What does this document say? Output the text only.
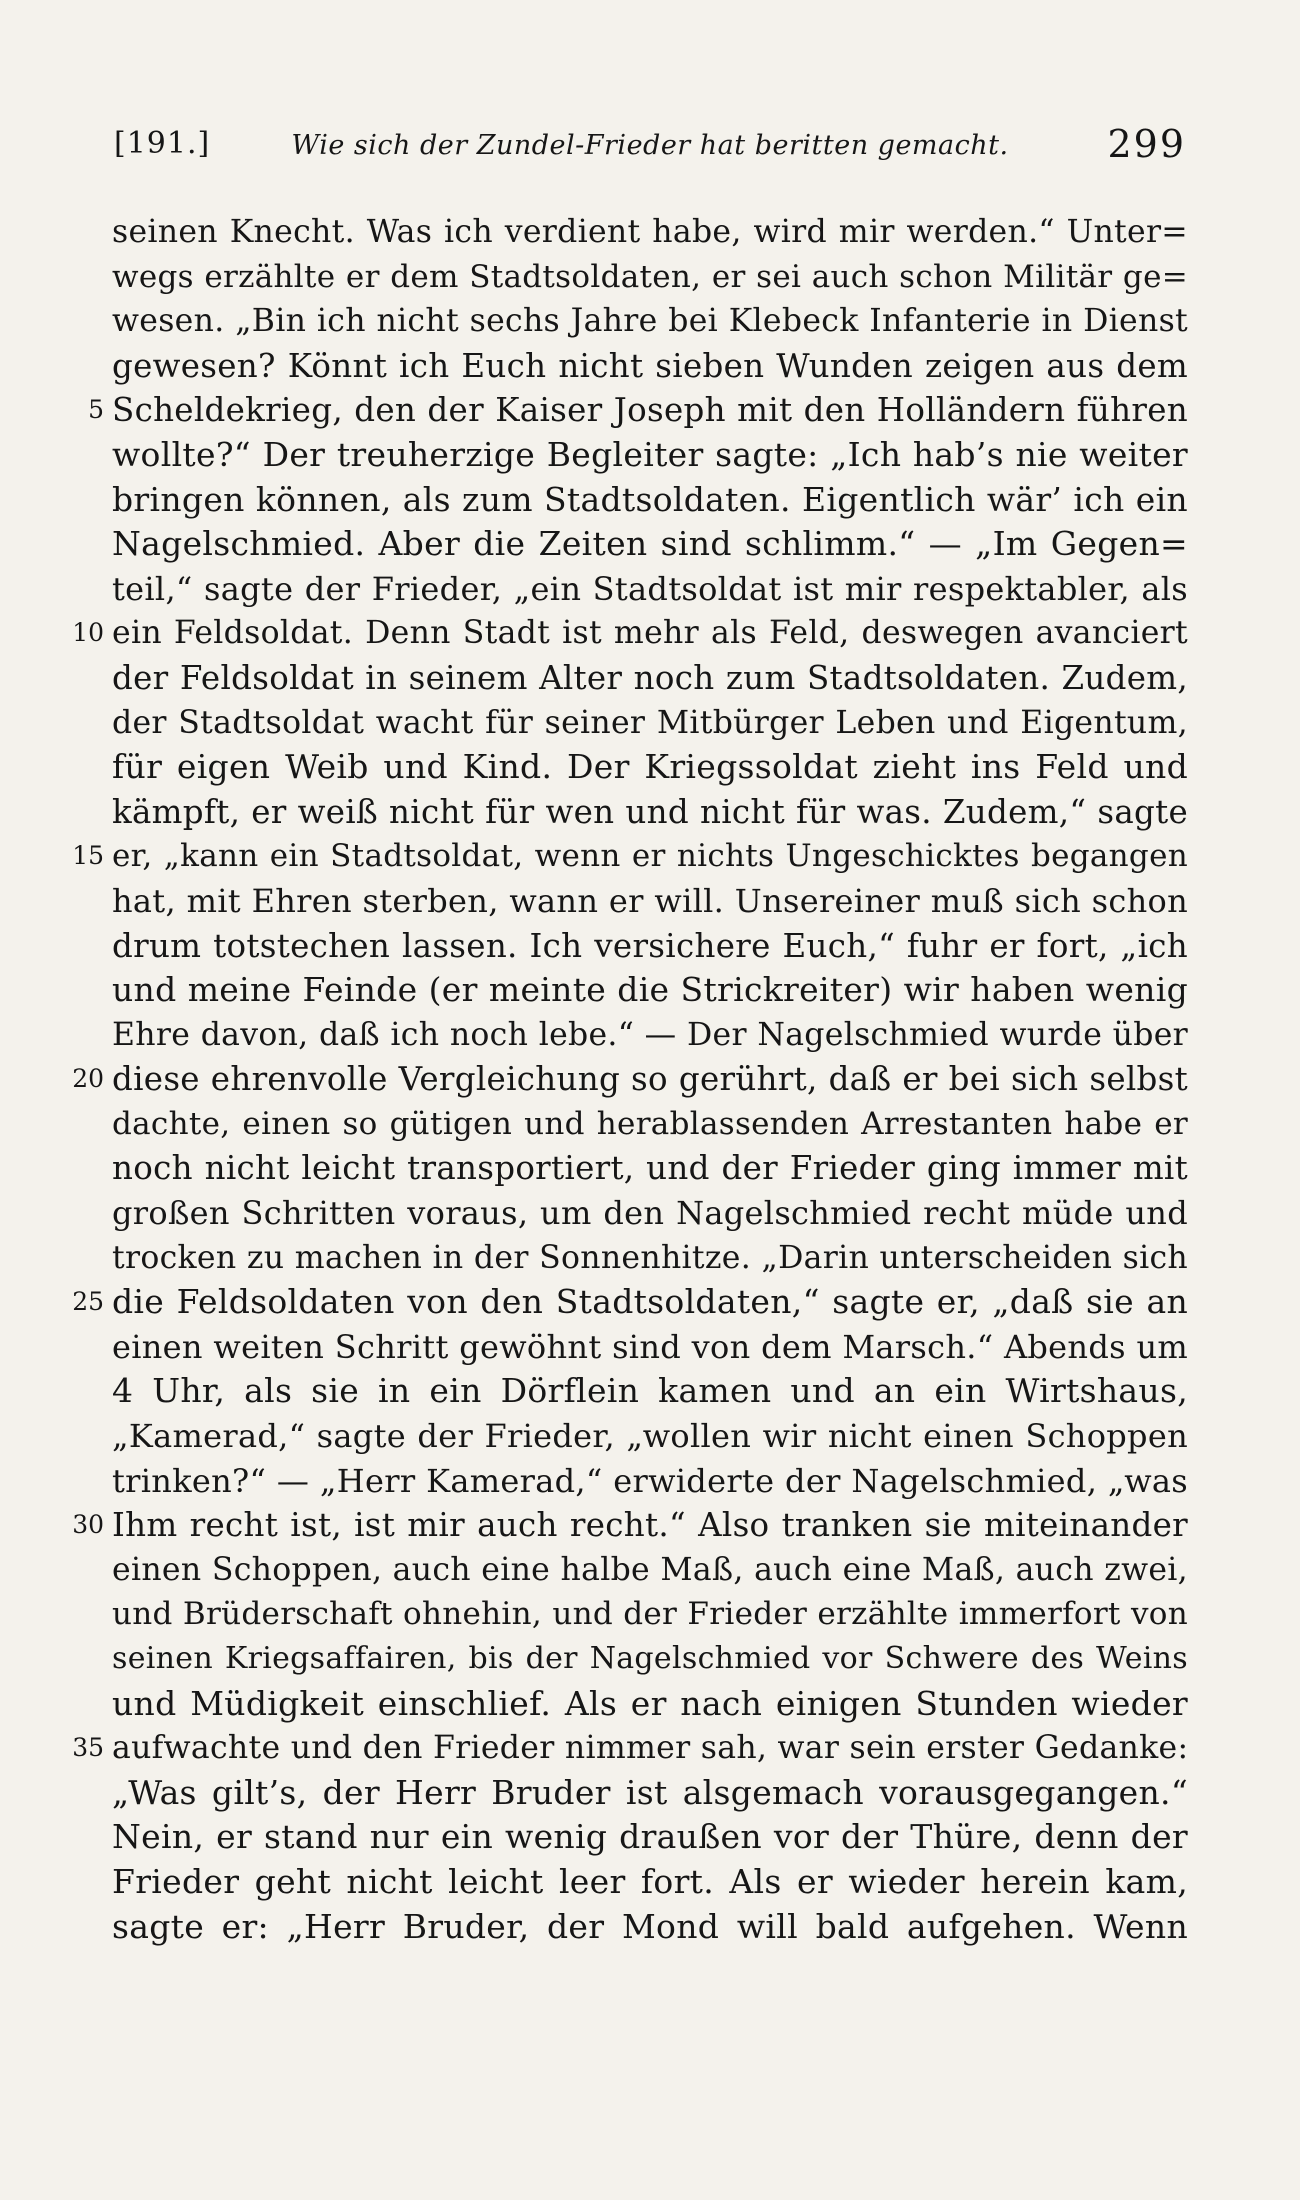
[191.]	Wie sich der Zundel-Frieder hat beritten gemacht.	299
seinen Knecht. Was ich verdient habe, wird mir werden.“ Unter=
wegs erzählte er dem Stadtsoldaten, er sei auch schon Militär ge=
wesen. „Bin ich nicht sechs Jahre bei Klebeck Infanterie in Dienst
gewesen? Könnt ich Euch nicht sieben Wunden zeigen aus dem
5 Scheldekrieg, den der Kaiser Joseph mit den Holländern führen
wollte?“ Der treuherzige Begleiter sagte: „Ich hab’s nie weiter
bringen können, als zum Stadtsoldaten. Eigentlich wär’ ich ein
Nagelschmied. Aber die Zeiten sind schlimm.“ — „Im Gegen=
teil,“ sagte der Frieder, „ein Stadtsoldat ist mir respektabler, als
10 ein Feldsoldat. Denn Stadt ist mehr als Feld, deswegen avanciert
der Feldsoldat in seinem Alter noch zum Stadtsoldaten. Zudem,
der Stadtsoldat wacht für seiner Mitbürger Leben und Eigentum,
für eigen Weib und Kind. Der Kriegssoldat zieht ins Feld und
kämpft, er weiß nicht für wen und nicht für was. Zudem,“ sagte
15 er, „kann ein Stadtsoldat, wenn er nichts Ungeschicktes begangen
hat, mit Ehren sterben, wann er will. Unsereiner muß sich schon
drum totstechen lassen. Ich versichere Euch,“ fuhr er fort, „ich
und meine Feinde (er meinte die Strickreiter) wir haben wenig
Ehre davon, daß ich noch lebe.“ — Der Nagelschmied wurde über
20 diese ehrenvolle Vergleichung so gerührt, daß er bei sich selbst
dachte, einen so gütigen und herablassenden Arrestanten habe er
noch nicht leicht transportiert, und der Frieder ging immer mit
großen Schritten voraus, um den Nagelschmied recht müde und
trocken zu machen in der Sonnenhitze. „Darin unterscheiden sich
25 die Feldsoldaten von den Stadtsoldaten,“ sagte er, „daß sie an
einen weiten Schritt gewöhnt sind von dem Marsch.“ Abends um
4 Uhr, als sie in ein Dörflein kamen und an ein Wirtshaus,
„Kamerad,“ sagte der Frieder, „wollen wir nicht einen Schoppen
trinken?“ — „Herr Kamerad,“ erwiderte der Nagelschmied, „was
30 Ihm recht ist, ist mir auch recht.“ Also tranken sie miteinander
einen Schoppen, auch eine halbe Maß, auch eine Maß, auch zwei,
und Brüderschaft ohnehin, und der Frieder erzählte immerfort von
seinen Kriegsaffairen, bis der Nagelschmied vor Schwere des Weins
und Müdigkeit einschlief. Als er nach einigen Stunden wieder
35 aufwachte und den Frieder nimmer sah, war sein erster Gedanke:
„Was gilt’s, der Herr Bruder ist alsgemach vorausgegangen.“
Nein, er stand nur ein wenig draußen vor der Thüre, denn der
Frieder geht nicht leicht leer fort. Als er wieder herein kam,
sagte er: „Herr Bruder, der Mond will bald aufgehen. Wenn
